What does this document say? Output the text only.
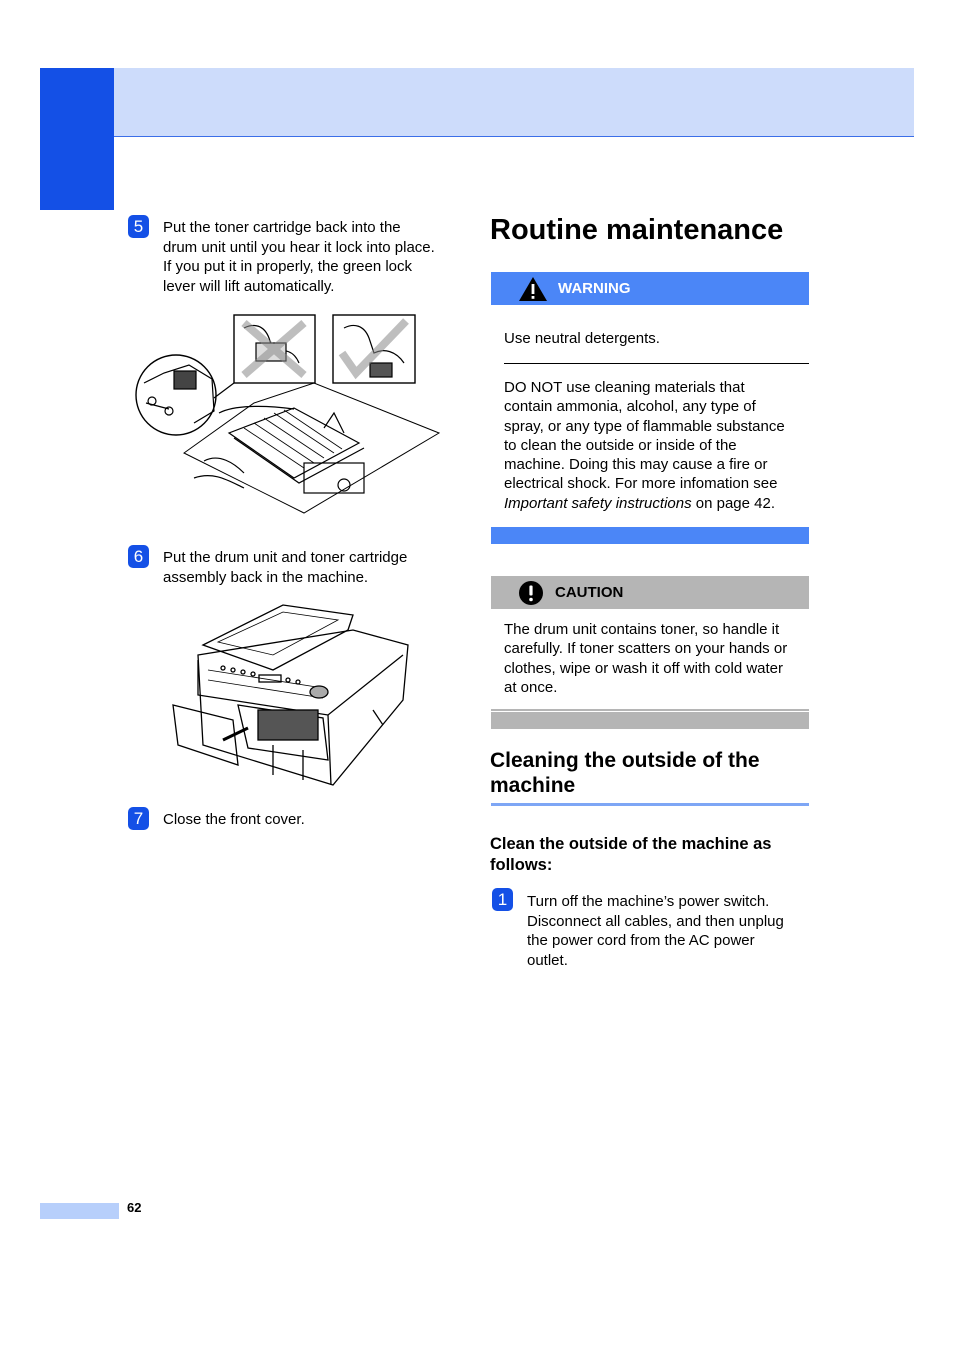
5	Put the toner cartridge back into the
drum unit until you hear it lock into place.
If you put it in properly, the green lock
lever will lift automatically.
6	Put the drum unit and toner cartridge
assembly back in the machine.
7	Close the front cover.
Routine maintenance
WARNING
Use neutral detergents.
DO NOT use cleaning materials that
contain ammonia, alcohol, any type of
spray, or any type of flammable substance
to clean the outside or inside of the
machine. Doing this may cause a fire or
electrical shock. For more infomation see
Important safety instructions on page 42.
CAUTION
The drum unit contains toner, so handle it
carefully. If toner scatters on your hands or
clothes, wipe or wash it off with cold water
at once.
Cleaning the outside of the machine
Clean the outside of the machine as follows:
1	Turn off the machine’s power switch.
Disconnect all cables, and then unplug
the power cord from the AC power
outlet.
62
